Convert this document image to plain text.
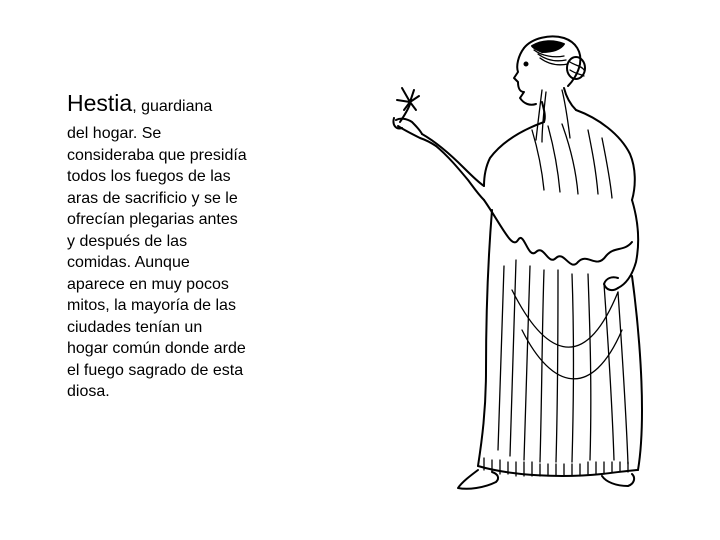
Hestia, guardiana
del hogar. Se
consideraba que presidía
todos los fuegos de las
aras de sacrificio y se le
ofrecían plegarias antes
y después de las
comidas. Aunque
aparece en muy pocos
mitos, la mayoría de las
ciudades tenían un
hogar común donde arde
el fuego sagrado de esta
diosa.
